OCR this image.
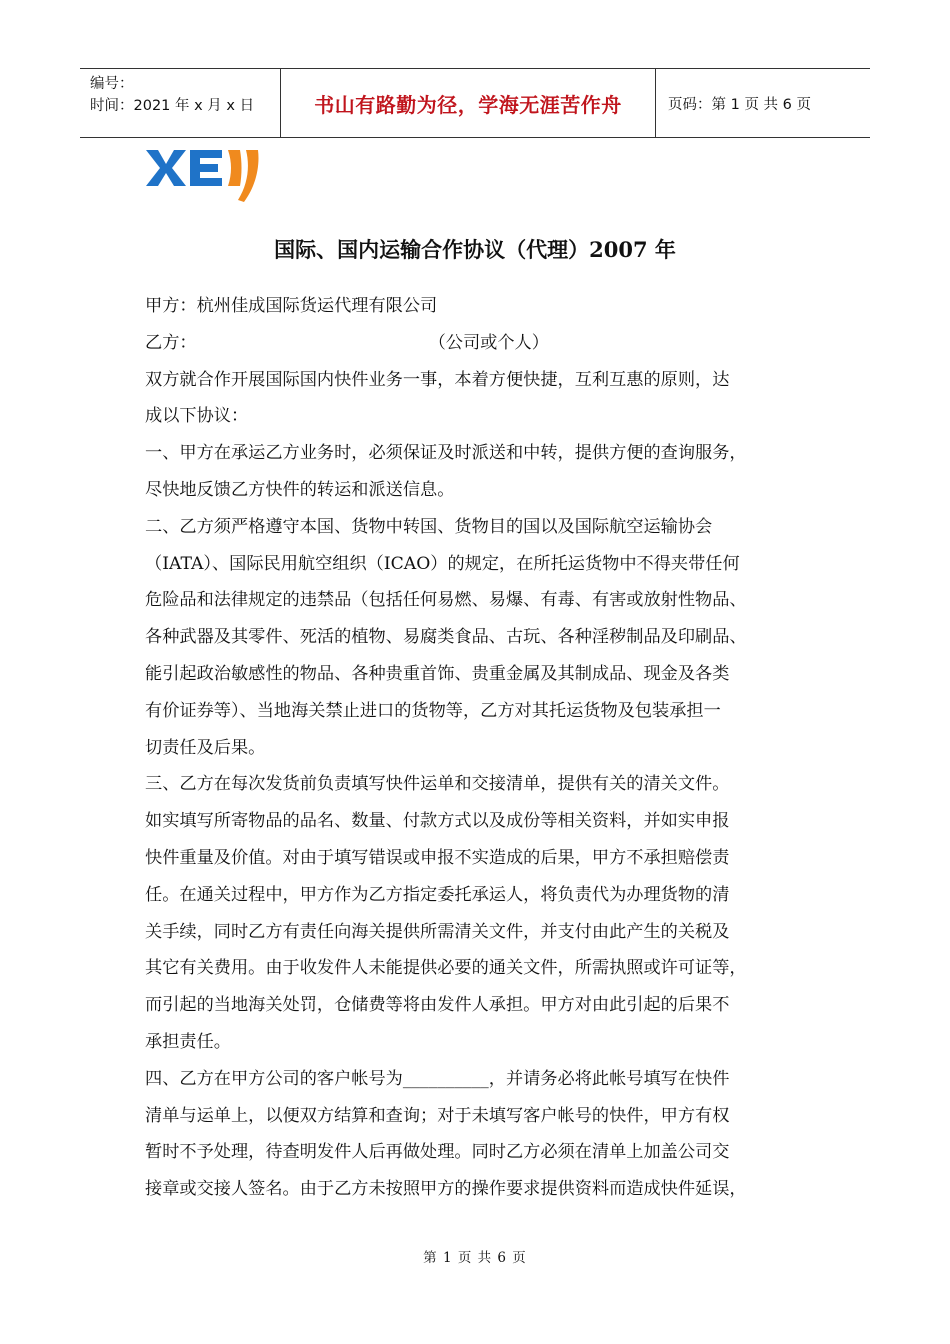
编号：
时间：2021 年 x 月 x 日	书山有路勤为径，学海无涯苦作舟	页码：第 1 页 共 6 页
国际、国内运输合作协议（代理）2007 年
甲方：杭州佳成国际货运代理有限公司
乙方：	（公司或个人）
双方就合作开展国际国内快件业务一事，本着方便快捷，互利互惠的原则，达
成以下协议：
一、甲方在承运乙方业务时，必须保证及时派送和中转，提供方便的查询服务，
尽快地反馈乙方快件的转运和派送信息。
二、乙方须严格遵守本国、货物中转国、货物目的国以及国际航空运输协会
（IATA）、国际民用航空组织（ICAO）的规定，在所托运货物中不得夹带任何
危险品和法律规定的违禁品（包括任何易燃、易爆、有毒、有害或放射性物品、
各种武器及其零件、死活的植物、易腐类食品、古玩、各种淫秽制品及印刷品、
能引起政治敏感性的物品、各种贵重首饰、贵重金属及其制成品、现金及各类
有价证券等）、当地海关禁止进口的货物等，乙方对其托运货物及包装承担一
切责任及后果。
三、乙方在每次发货前负责填写快件运单和交接清单，提供有关的清关文件。
如实填写所寄物品的品名、数量、付款方式以及成份等相关资料，并如实申报
快件重量及价值。对由于填写错误或申报不实造成的后果，甲方不承担赔偿责
任。在通关过程中，甲方作为乙方指定委托承运人，将负责代为办理货物的清
关手续，同时乙方有责任向海关提供所需清关文件，并支付由此产生的关税及
其它有关费用。由于收发件人未能提供必要的通关文件，所需执照或许可证等，
而引起的当地海关处罚，仓储费等将由发件人承担。甲方对由此引起的后果不
承担责任。
四、乙方在甲方公司的客户帐号为__________，并请务必将此帐号填写在快件
清单与运单上，以便双方结算和查询；对于未填写客户帐号的快件，甲方有权
暂时不予处理，待查明发件人后再做处理。同时乙方必须在清单上加盖公司交
接章或交接人签名。由于乙方未按照甲方的操作要求提供资料而造成快件延误，
第 1 页 共 6 页
